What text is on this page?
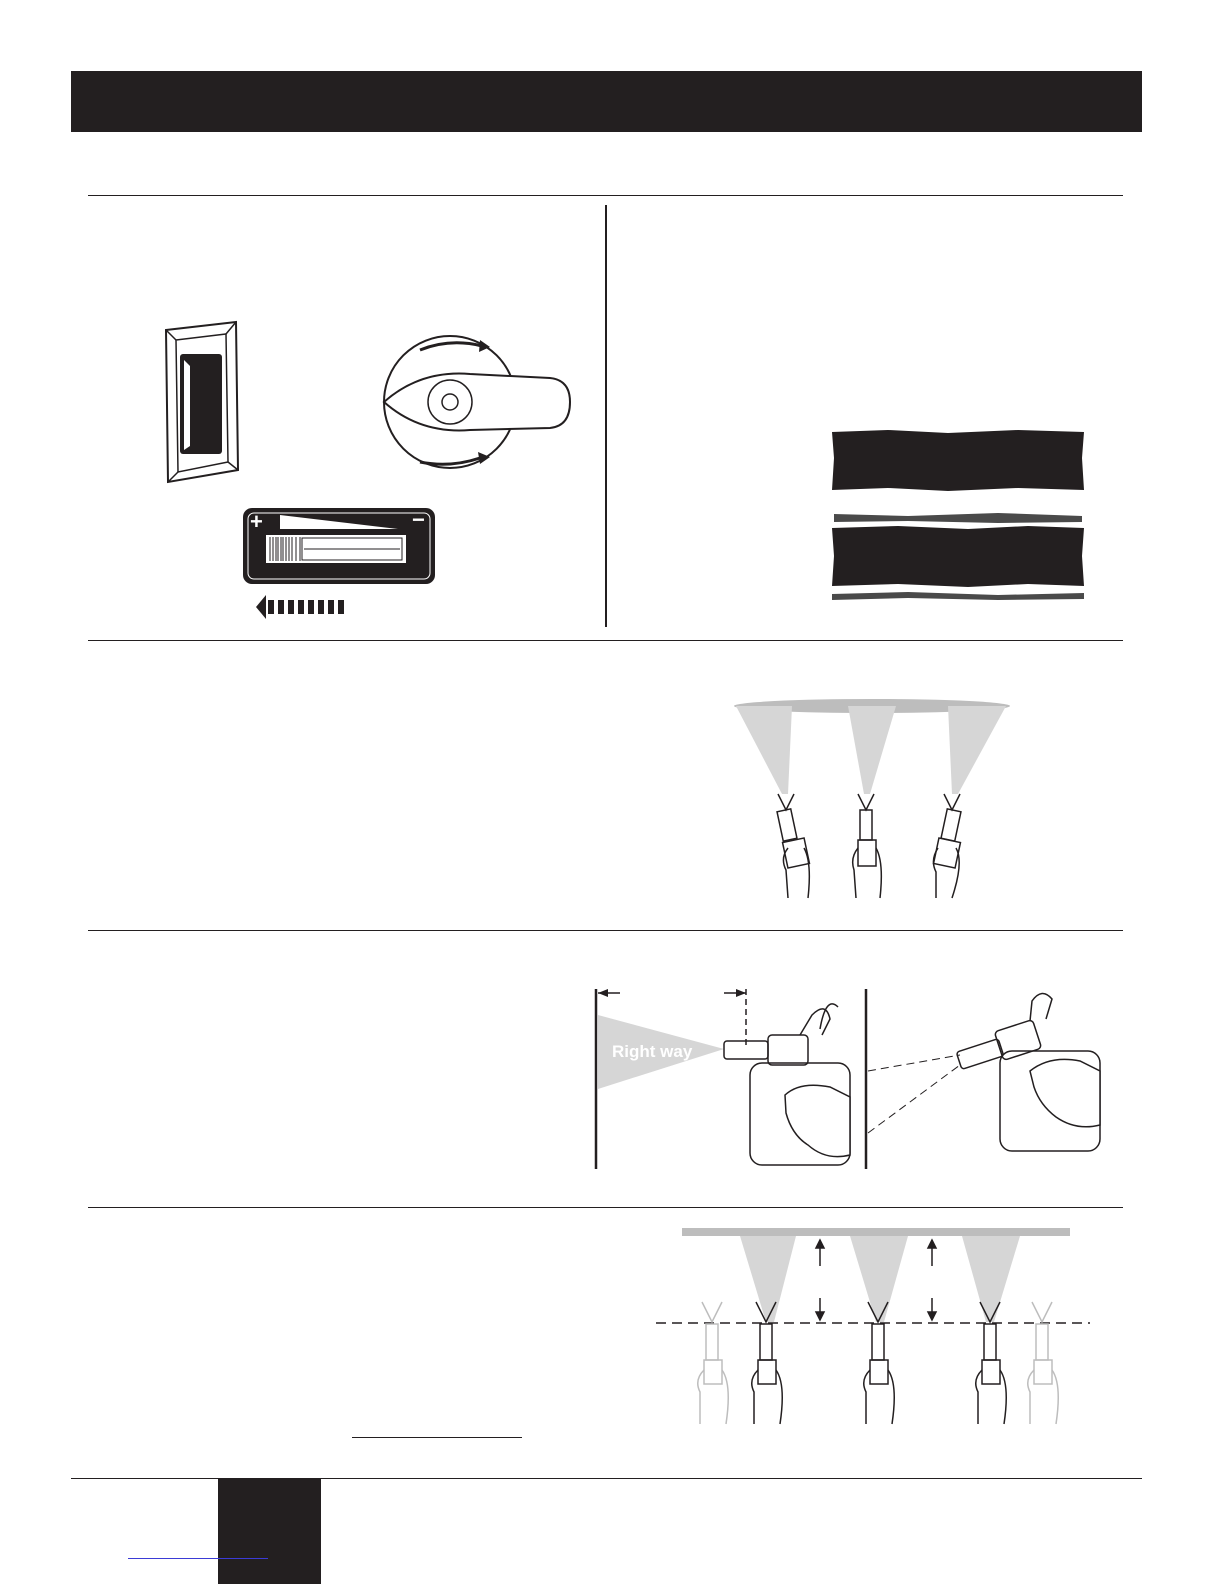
+	−
Right way
